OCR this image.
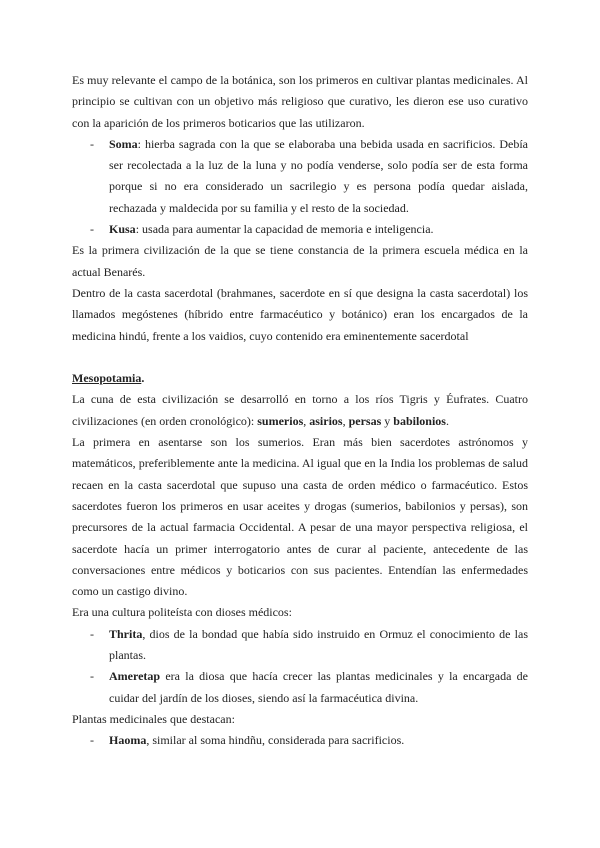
Es muy relevante el campo de la botánica, son los primeros en cultivar plantas medicinales. Al principio se cultivan con un objetivo más religioso que curativo, les dieron ese uso curativo con la aparición de los primeros boticarios que las utilizaron.

- Soma: hierba sagrada con la que se elaboraba una bebida usada en sacrificios. Debía ser recolectada a la luz de la luna y no podía venderse, solo podía ser de esta forma porque si no era considerado un sacrilegio y es persona podía quedar aislada, rechazada y maldecida por su familia y el resto de la sociedad.
- Kusa: usada para aumentar la capacidad de memoria e inteligencia.

Es la primera civilización de la que se tiene constancia de la primera escuela médica en la actual Benarés.

Dentro de la casta sacerdotal (brahmanes, sacerdote en sí que designa la casta sacerdotal) los llamados megóstenes (híbrido entre farmacéutico y botánico) eran los encargados de la medicina hindú, frente a los vaidios, cuyo contenido era eminentemente sacerdotal

Mesopotamia.

La cuna de esta civilización se desarrolló en torno a los ríos Tigris y Éufrates. Cuatro civilizaciones (en orden cronológico): sumerios, asirios, persas y babilonios.

La primera en asentarse son los sumerios. Eran más bien sacerdotes astrónomos y matemáticos, preferiblemente ante la medicina. Al igual que en la India los problemas de salud recaen en la casta sacerdotal que supuso una casta de orden médico o farmacéutico. Estos sacerdotes fueron los primeros en usar aceites y drogas (sumerios, babilonios y persas), son precursores de la actual farmacia Occidental. A pesar de una mayor perspectiva religiosa, el sacerdote hacía un primer interrogatorio antes de curar al paciente, antecedente de las conversaciones entre médicos y boticarios con sus pacientes. Entendían las enfermedades como un castigo divino.

Era una cultura politeísta con dioses médicos:

- Thrita, dios de la bondad que había sido instruido en Ormuz el conocimiento de las plantas.
- Ameretap era la diosa que hacía crecer las plantas medicinales y la encargada de cuidar del jardín de los dioses, siendo así la farmacéutica divina.

Plantas medicinales que destacan:

- Haoma, similar al soma hindñu, considerada para sacrificios.
